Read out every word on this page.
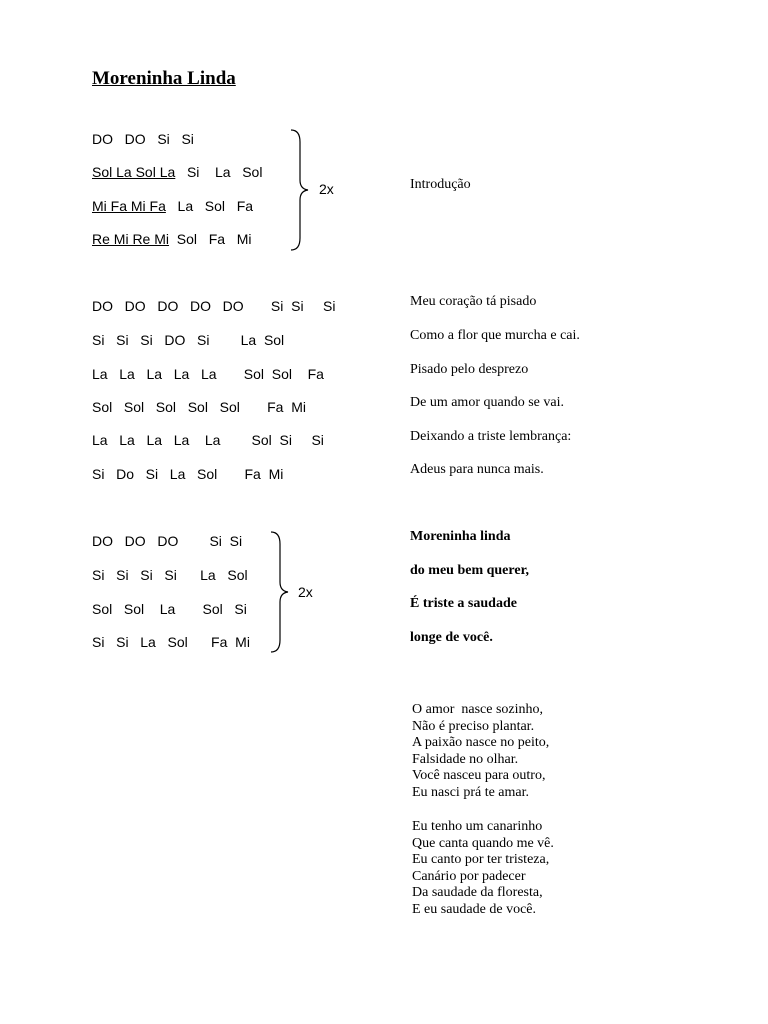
Moreninha Linda
DO   DO   Si   Si
Sol La Sol La   Si    La   Sol
Mi Fa Mi Fa   La   Sol   Fa
Re Mi Re Mi  Sol   Fa   Mi
2x	Introdução
DO   DO   DO   DO   DO       Si  Si     Si
Si   Si   Si   DO   Si        La  Sol
La   La   La   La   La       Sol  Sol    Fa
Sol   Sol   Sol   Sol   Sol       Fa  Mi
La   La   La   La    La        Sol  Si     Si
Si   Do   Si   La   Sol       Fa  Mi
Meu coração tá pisado
Como a flor que murcha e cai.
Pisado pelo desprezo
De um amor quando se vai.
Deixando a triste lembrança:
Adeus para nunca mais.
DO   DO   DO        Si  Si
Si   Si   Si   Si      La   Sol
Sol   Sol    La       Sol   Si
Si   Si   La   Sol      Fa  Mi
2x
Moreninha linda
do meu bem querer,
É triste a saudade
longe de você.
O amor  nasce sozinho,
Não é preciso plantar.
A paixão nasce no peito,
Falsidade no olhar.
Você nasceu para outro,
Eu nasci prá te amar.
Eu tenho um canarinho
Que canta quando me vê.
Eu canto por ter tristeza,
Canário por padecer
Da saudade da floresta,
E eu saudade de você.
